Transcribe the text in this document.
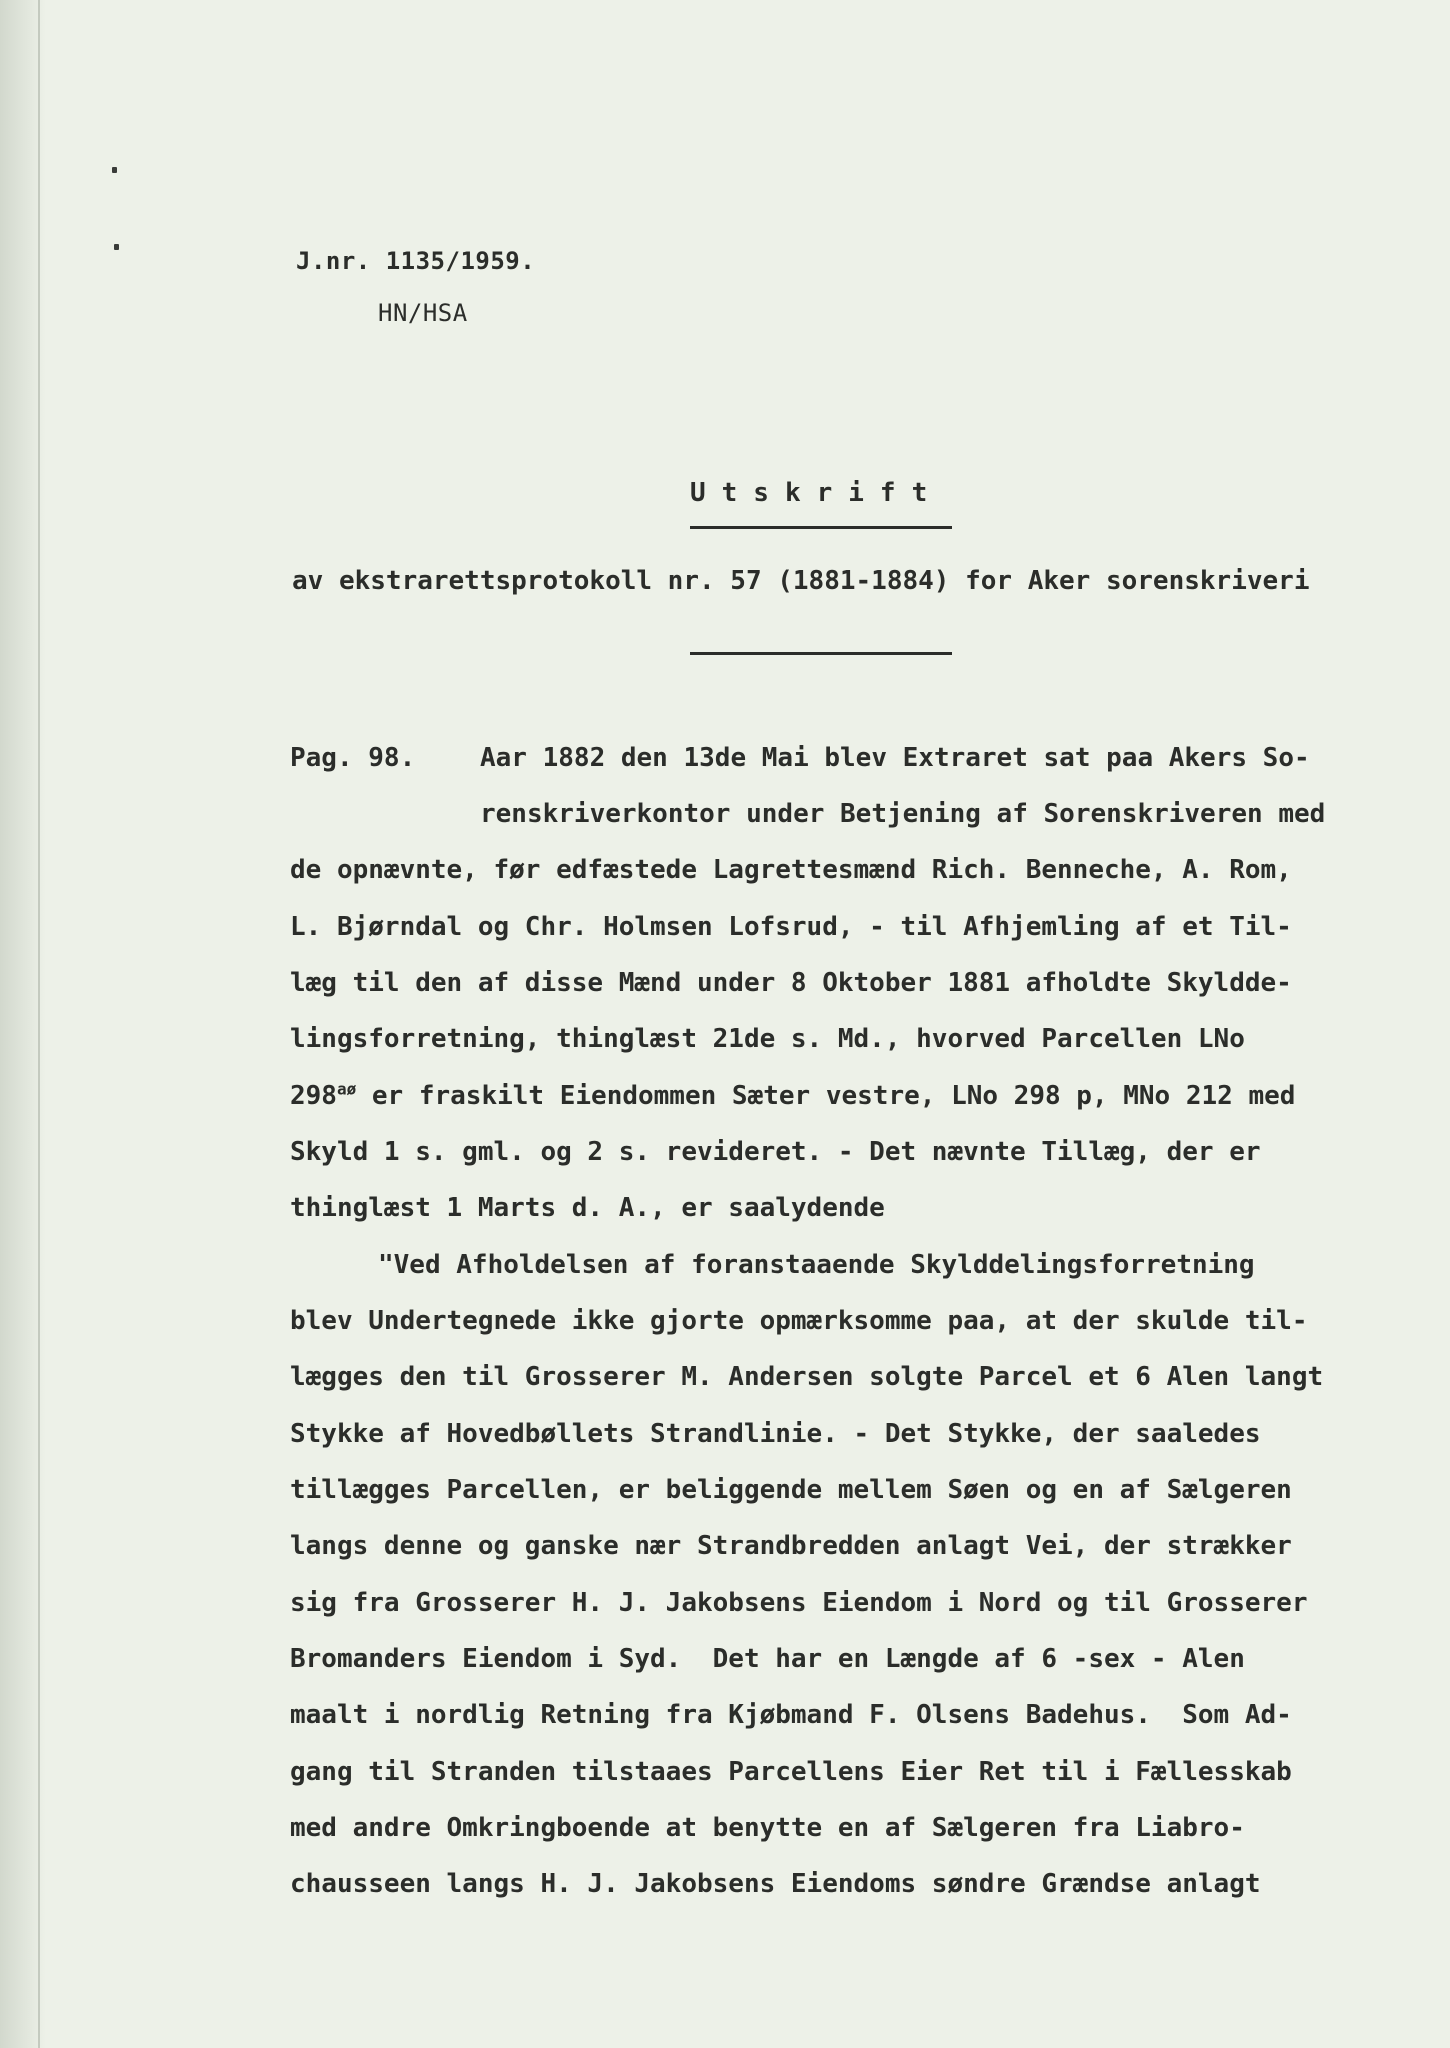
J.nr. 1135/1959.
HN/HSA
Utskrift
av ekstrarettsprotokoll nr. 57 (1881-1884) for Aker sorenskriveri
Pag. 98. Aar 1882 den 13de Mai blev Extraret sat paa Akers So-
renskriverkontor under Betjening af Sorenskriveren med
de opnævnte, før edfæstede Lagrettesmænd Rich. Benneche, A. Rom,
L. Bjørndal og Chr. Holmsen Lofsrud, - til Afhjemling af et Til-
læg til den af disse Mænd under 8 Oktober 1881 afholdte Skyldde-
lingsforretning, thinglæst 21de s. Md., hvorved Parcellen LNo
$298^{aø}$ er fraskilt Eiendommen Sæter vestre, LNo 298 p, MNo 212 med
Skyld 1 s. gml. og 2 s. revideret. - Det nævnte Tillæg, der er
thinglæst 1 Marts d. A., er saalydende
"Ved Afholdelsen af foranstaaende Skylddelingsforretning
blev Undertegnede ikke gjorte opmærksomme paa, at der skulde til-
lægges den til Grosserer M. Andersen solgte Parcel et 6 Alen langt
Stykke af Hovedbøllets Strandlinie. - Det Stykke, der saaledes
tillægges Parcellen, er beliggende mellem Søen og en af Sælgeren
langs denne og ganske nær Strandbredden anlagt Vei, der strækker
sig fra Grosserer H. J. Jakobsens Eiendom i Nord og til Grosserer
Bromanders Eiendom i Syd.  Det har en Længde af 6 -sex - Alen
maalt i nordlig Retning fra Kjøbmand F. Olsens Badehus.  Som Ad-
gang til Stranden tilstaaes Parcellens Eier Ret til i Fællesskab
med andre Omkringboende at benytte en af Sælgeren fra Liabro-
chausseen langs H. J. Jakobsens Eiendoms søndre Grændse anlagt
